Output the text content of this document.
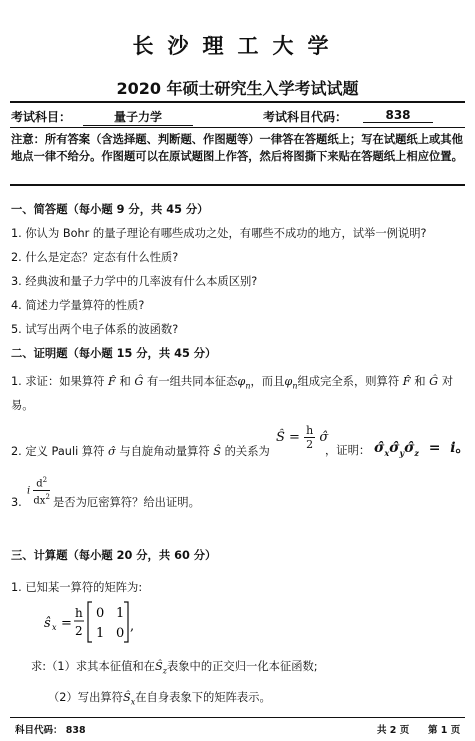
长沙理工大学
2020 年硕士研究生入学考试试题
考试科目：	量子力学	考试科目代码：	838
注意：所有答案（含选择题、判断题、作图题等）一律答在答题纸上；写在试题纸上或其他地点一律不给分。作图题可以在原试题图上作答，然后将图撕下来贴在答题纸上相应位置。
一、简答题（每小题 9 分，共 45 分）
1. 你认为 Bohr 的量子理论有哪些成功之处，有哪些不成功的地方，试举一例说明?
2. 什么是定态？定态有什么性质?
3. 经典波和量子力学中的几率波有什么本质区别?
4. 简述力学量算符的性质?
5. 试写出两个电子体系的波函数?
二、证明题（每小题 15 分，共 45 分）
1. 求证：如果算符 F̂ 和 Ĝ 有一组共同本征态$\varphi_n$，而且$\varphi_n$组成完全系，则算符 F̂ 和 Ĝ 对
易。
2. 定义 Pauli 算符 σ̂ 与自旋角动量算符 Ŝ 的关系为
Ŝ = $\frac{h}{2}$ σ̂
，证明： $\sigmâ_x\sigmâ_y\sigmâ_z = i$。
3.
i $\frac{d^2}{dx^2}$ 是否为厄密算符？给出证明。
三、计算题（每小题 20 分，共 60 分）
1. 已知某一算符的矩阵为:
ŝ x =
h
2
0 1
1 0 ,
求:（1）求其本征值和在$Ŝ_z$表象中的正交归一化本征函数;
（2）写出算符$Ŝ_x$在自身表象下的矩阵表示。
科目代码： 838	共 2 页 第 1 页
